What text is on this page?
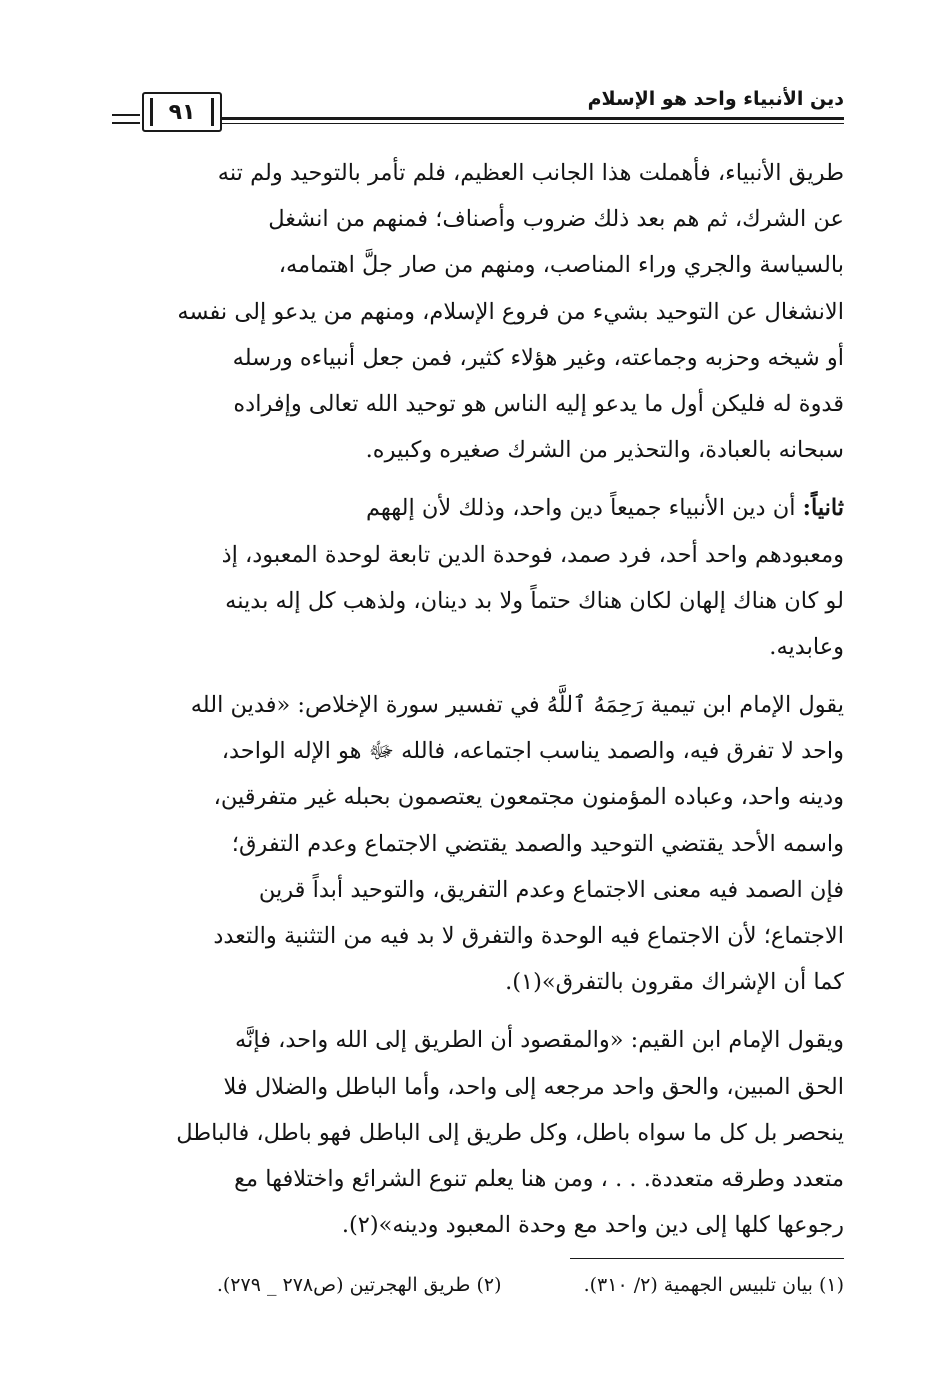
دين الأنبياء واحد هو الإسلام
٩١
طريق الأنبياء، فأهملت هذا الجانب العظيم، فلم تأمر بالتوحيد ولم تنه
عن الشرك، ثم هم بعد ذلك ضروب وأصناف؛ فمنهم من انشغل
بالسياسة والجري وراء المناصب، ومنهم من صار جلَّ اهتمامه،
الانشغال عن التوحيد بشيء من فروع الإسلام، ومنهم من يدعو إلى نفسه
أو شيخه وحزبه وجماعته، وغير هؤلاء كثير، فمن جعل أنبياءه ورسله
قدوة له فليكن أول ما يدعو إليه الناس هو توحيد الله تعالى وإفراده
سبحانه بالعبادة، والتحذير من الشرك صغيره وكبيره.
ثانياً: أن دين الأنبياء جميعاً دين واحد، وذلك لأن إلههم
ومعبودهم واحد أحد، فرد صمد، فوحدة الدين تابعة لوحدة المعبود، إذ
لو كان هناك إلهان لكان هناك حتماً ولا بد دينان، ولذهب كل إله بدينه
وعابديه.
يقول الإمام ابن تيمية رَحِمَهُ ٱللَّهُ في تفسير سورة الإخلاص: «فدين الله
واحد لا تفرق فيه، والصمد يناسب اجتماعه، فالله ﷻ هو الإله الواحد،
ودينه واحد، وعباده المؤمنون مجتمعون يعتصمون بحبله غير متفرقين،
واسمه الأحد يقتضي التوحيد والصمد يقتضي الاجتماع وعدم التفرق؛
فإن الصمد فيه معنى الاجتماع وعدم التفريق، والتوحيد أبداً قرين
الاجتماع؛ لأن الاجتماع فيه الوحدة والتفرق لا بد فيه من التثنية والتعدد
كما أن الإشراك مقرون بالتفرق»(١).
ويقول الإمام ابن القيم: «والمقصود أن الطريق إلى الله واحد، فإنَّه
الحق المبين، والحق واحد مرجعه إلى واحد، وأما الباطل والضلال فلا
ينحصر بل كل ما سواه باطل، وكل طريق إلى الباطل فهو باطل، فالباطل
متعدد وطرقه متعددة. . . ، ومن هنا يعلم تنوع الشرائع واختلافها مع
رجوعها كلها إلى دين واحد مع وحدة المعبود ودينه»(٢).
(١) بيان تلبيس الجهمية (٢/ ٣١٠).  (٢) طريق الهجرتين (ص٢٧٨ _ ٢٧٩).
